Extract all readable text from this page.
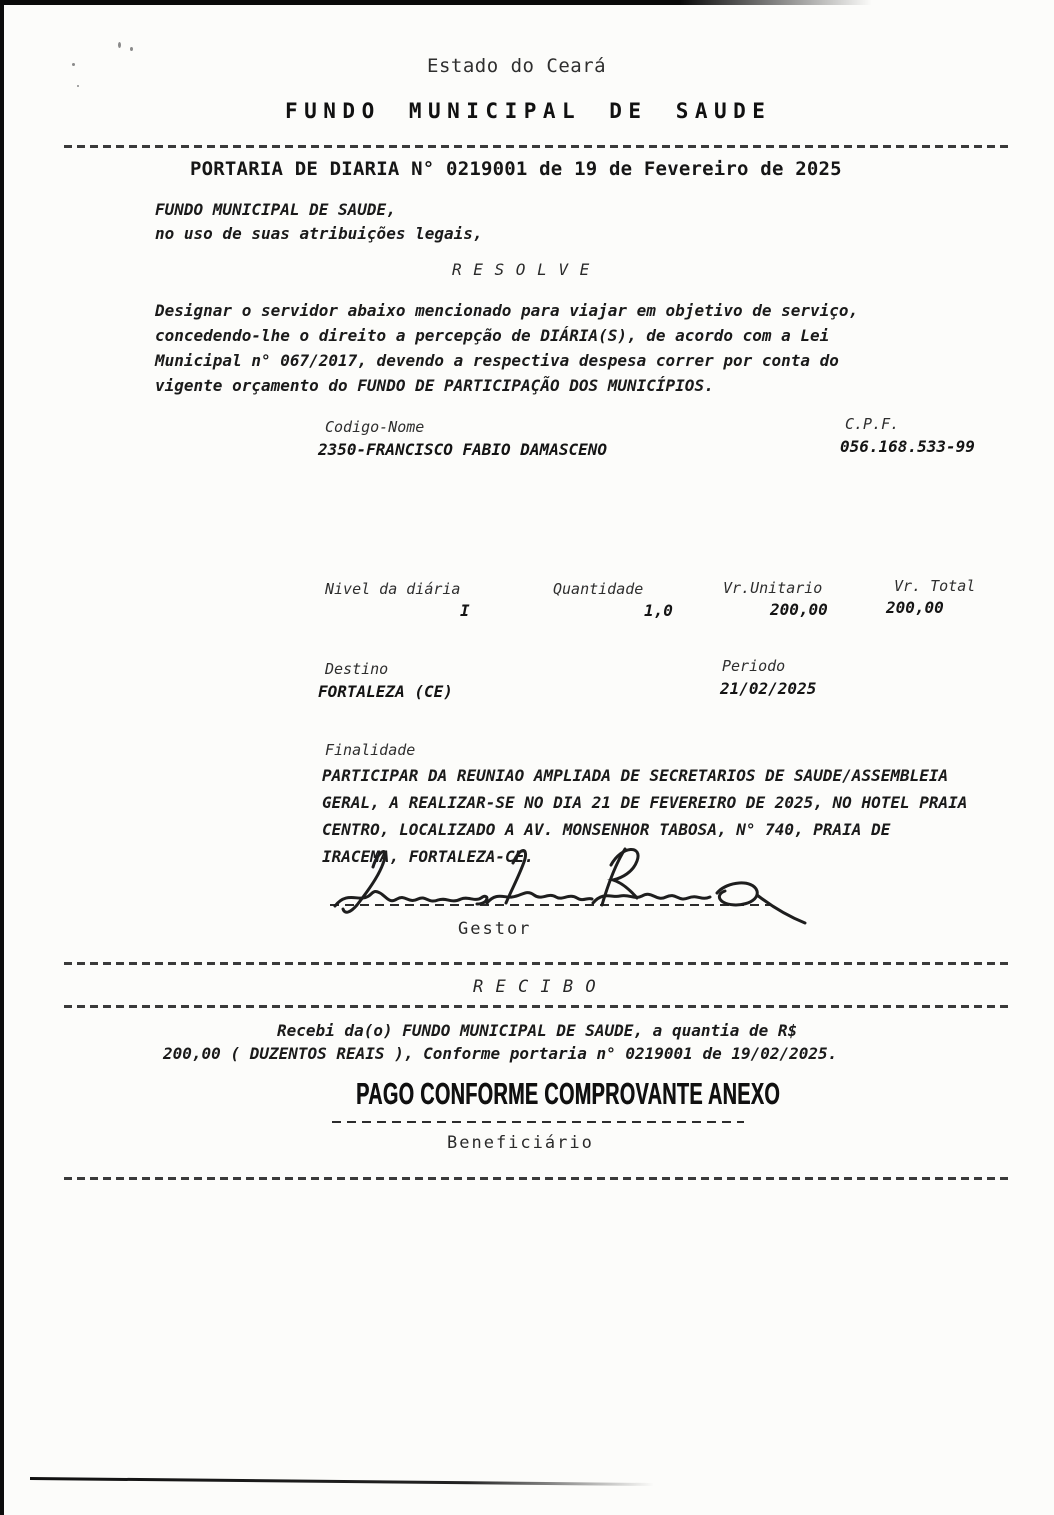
Estado do Ceará
FUNDO MUNICIPAL DE SAUDE
PORTARIA DE DIARIA N° 0219001 de 19 de Fevereiro de 2025
FUNDO MUNICIPAL DE SAUDE,
no uso de suas atribuições legais,
R E S O L V E
Designar o servidor abaixo mencionado para viajar em objetivo de serviço,
concedendo-lhe o direito a percepção de DIÁRIA(S), de acordo com a Lei
Municipal n° 067/2017, devendo a respectiva despesa correr por conta do
vigente orçamento do FUNDO DE PARTICIPAÇÃO DOS MUNICÍPIOS.
Codigo-Nome	C.P.F.
2350-FRANCISCO FABIO DAMASCENO	056.168.533-99
Nivel da diária	Quantidade	Vr.Unitario	Vr. Total
I	1,0	200,00	200,00
Destino	Periodo
FORTALEZA (CE)	21/02/2025
Finalidade
PARTICIPAR DA REUNIAO AMPLIADA DE SECRETARIOS DE SAUDE/ASSEMBLEIA
GERAL, A REALIZAR-SE NO DIA 21 DE FEVEREIRO DE 2025, NO HOTEL PRAIA
CENTRO, LOCALIZADO A AV. MONSENHOR TABOSA, N° 740, PRAIA DE
IRACEMA, FORTALEZA-CE.
Gestor
R E C I B O
Recebi da(o) FUNDO MUNICIPAL DE SAUDE, a quantia de R$
200,00 ( DUZENTOS REAIS ), Conforme portaria n° 0219001 de 19/02/2025.
PAGO CONFORME COMPROVANTE ANEXO
Beneficiário
